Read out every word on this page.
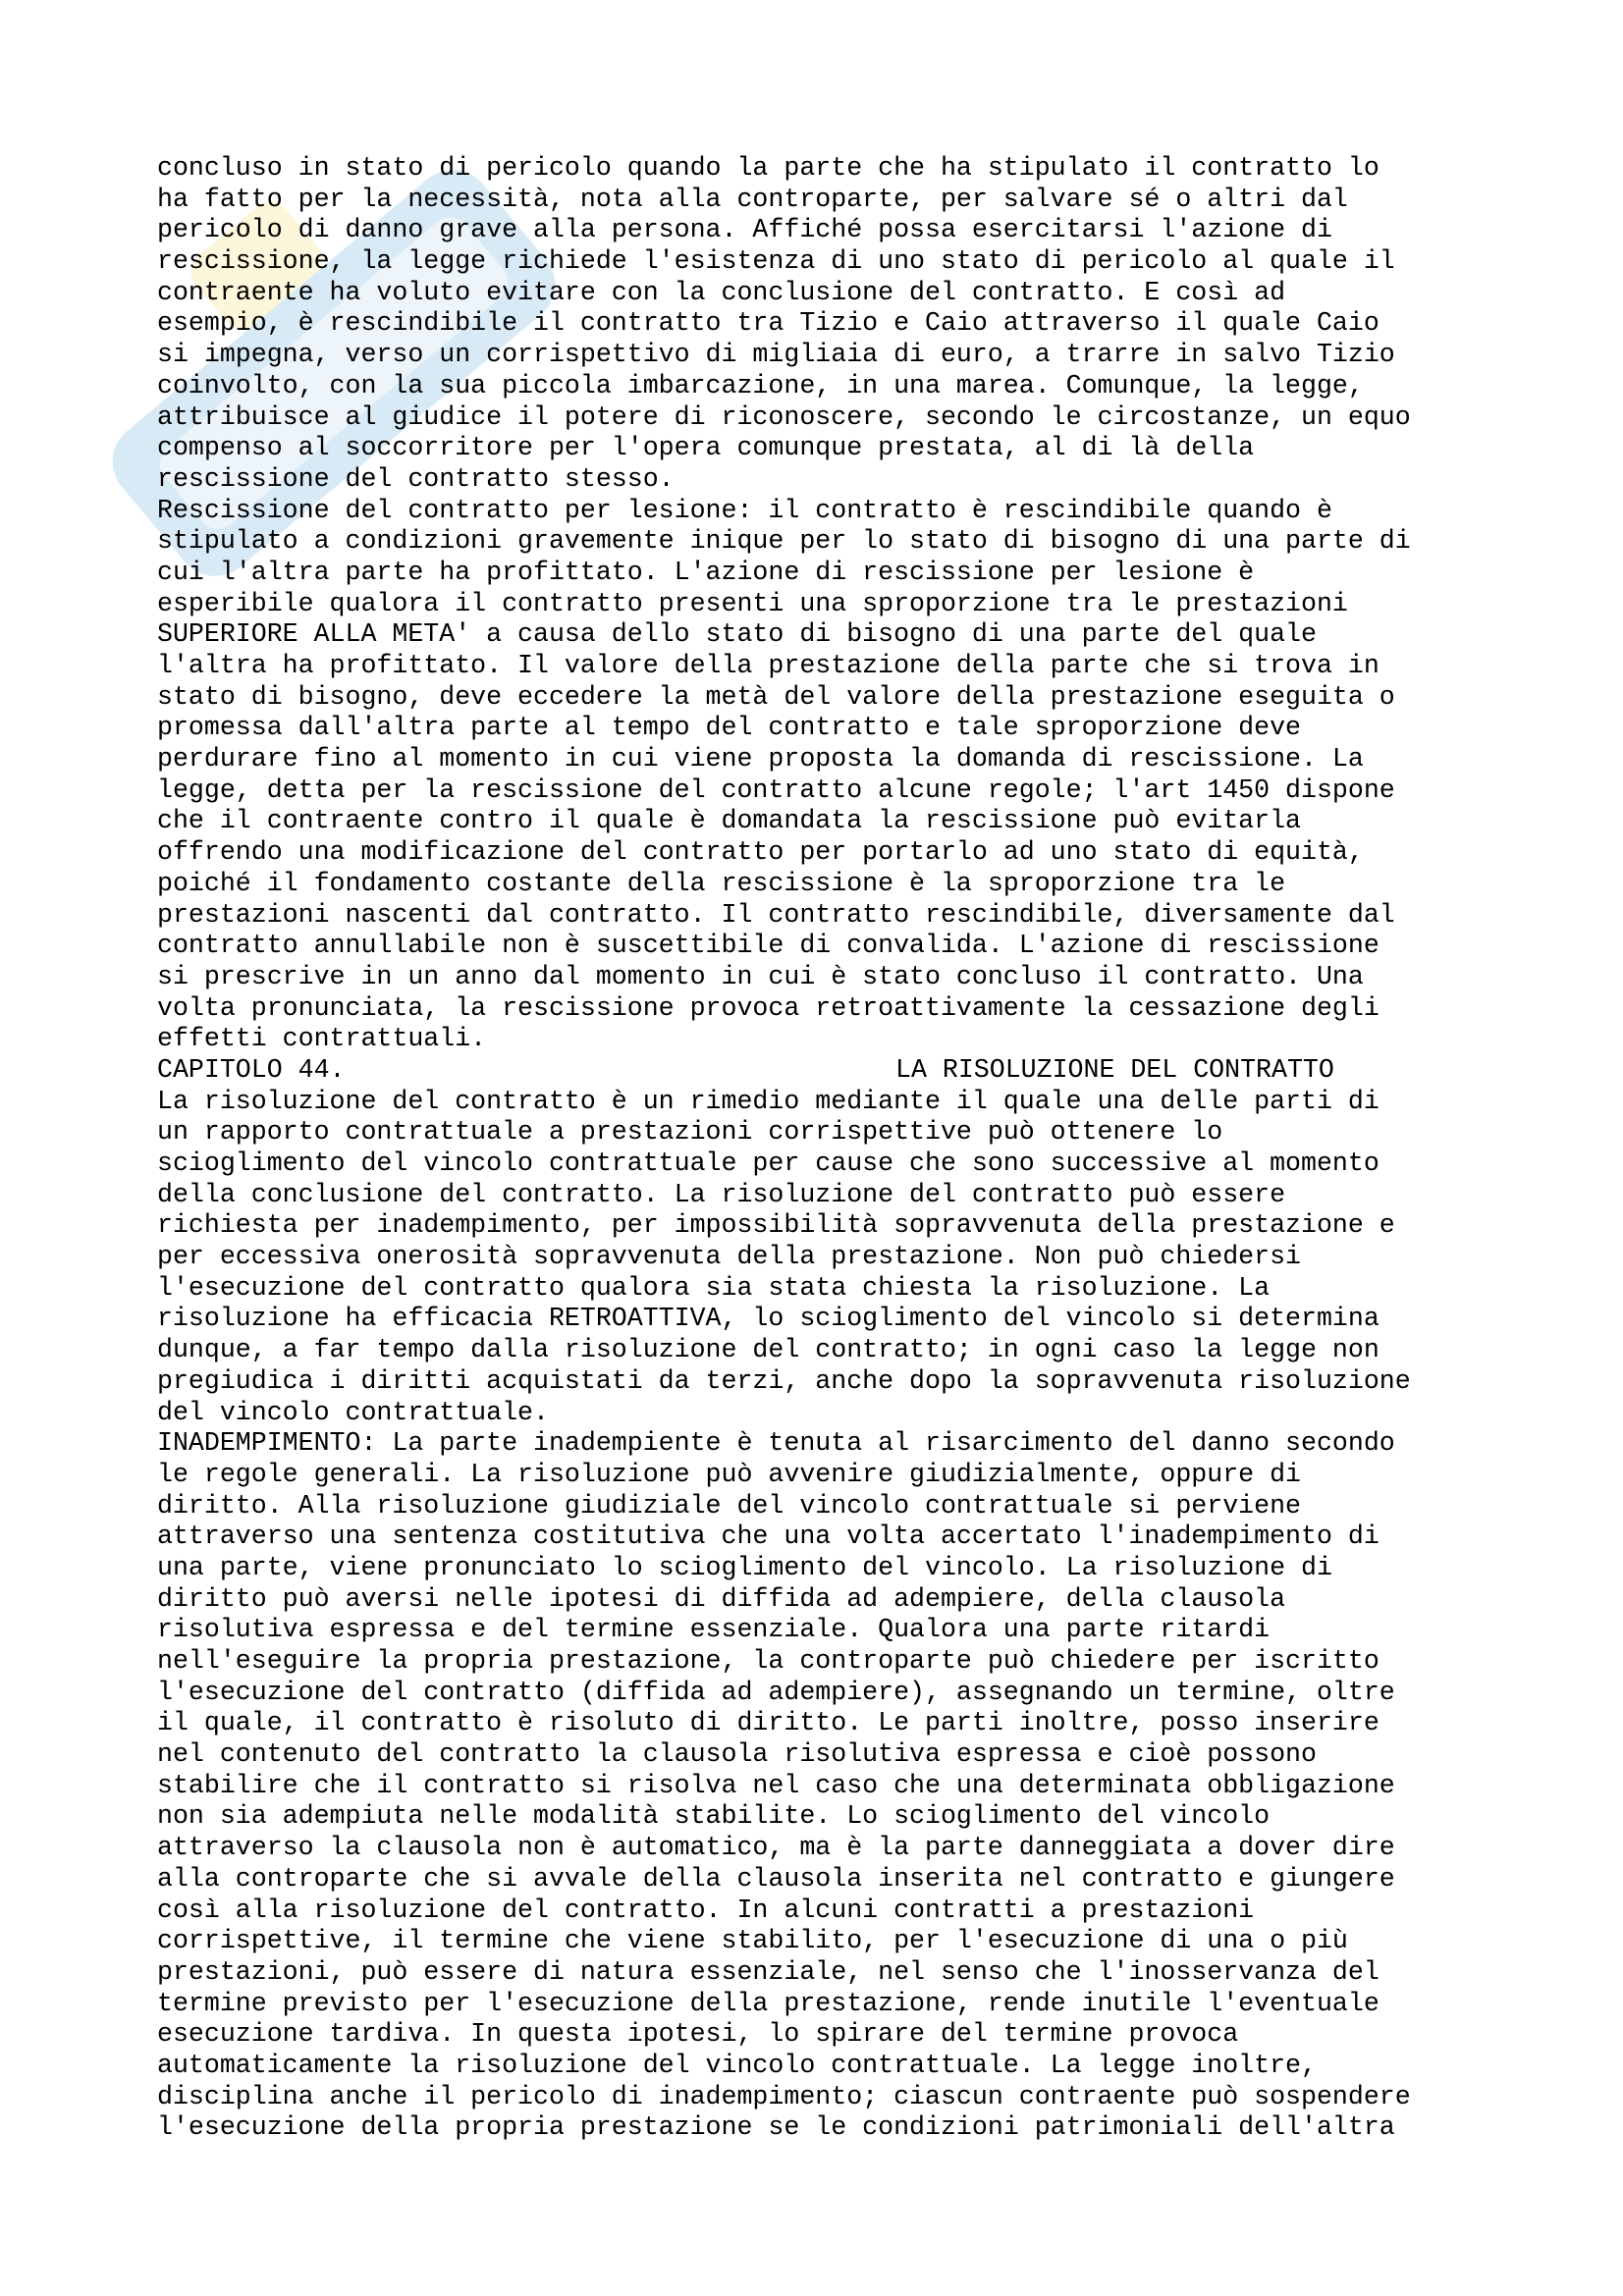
concluso in stato di pericolo quando la parte che ha stipulato il contratto lo
ha fatto per la necessità, nota alla controparte, per salvare sé o altri dal
pericolo di danno grave alla persona. Affiché possa esercitarsi l'azione di
rescissione, la legge richiede l'esistenza di uno stato di pericolo al quale il
contraente ha voluto evitare con la conclusione del contratto. E così ad
esempio, è rescindibile il contratto tra Tizio e Caio attraverso il quale Caio
si impegna, verso un corrispettivo di migliaia di euro, a trarre in salvo Tizio
coinvolto, con la sua piccola imbarcazione, in una marea. Comunque, la legge,
attribuisce al giudice il potere di riconoscere, secondo le circostanze, un equo
compenso al soccorritore per l'opera comunque prestata, al di là della
rescissione del contratto stesso.
Rescissione del contratto per lesione: il contratto è rescindibile quando è
stipulato a condizioni gravemente inique per lo stato di bisogno di una parte di
cui l'altra parte ha profittato. L'azione di rescissione per lesione è
esperibile qualora il contratto presenti una sproporzione tra le prestazioni
SUPERIORE ALLA META' a causa dello stato di bisogno di una parte del quale
l'altra ha profittato. Il valore della prestazione della parte che si trova in
stato di bisogno, deve eccedere la metà del valore della prestazione eseguita o
promessa dall'altra parte al tempo del contratto e tale sproporzione deve
perdurare fino al momento in cui viene proposta la domanda di rescissione. La
legge, detta per la rescissione del contratto alcune regole; l'art 1450 dispone
che il contraente contro il quale è domandata la rescissione può evitarla
offrendo una modificazione del contratto per portarlo ad uno stato di equità,
poiché il fondamento costante della rescissione è la sproporzione tra le
prestazioni nascenti dal contratto. Il contratto rescindibile, diversamente dal
contratto annullabile non è suscettibile di convalida. L'azione di rescissione
si prescrive in un anno dal momento in cui è stato concluso il contratto. Una
volta pronunciata, la rescissione provoca retroattivamente la cessazione degli
effetti contrattuali.
CAPITOLO 44.	LA RISOLUZIONE DEL CONTRATTO
La risoluzione del contratto è un rimedio mediante il quale una delle parti di
un rapporto contrattuale a prestazioni corrispettive può ottenere lo
scioglimento del vincolo contrattuale per cause che sono successive al momento
della conclusione del contratto. La risoluzione del contratto può essere
richiesta per inadempimento, per impossibilità sopravvenuta della prestazione e
per eccessiva onerosità sopravvenuta della prestazione. Non può chiedersi
l'esecuzione del contratto qualora sia stata chiesta la risoluzione. La
risoluzione ha efficacia RETROATTIVA, lo scioglimento del vincolo si determina
dunque, a far tempo dalla risoluzione del contratto; in ogni caso la legge non
pregiudica i diritti acquistati da terzi, anche dopo la sopravvenuta risoluzione
del vincolo contrattuale.
INADEMPIMENTO: La parte inadempiente è tenuta al risarcimento del danno secondo
le regole generali. La risoluzione può avvenire giudizialmente, oppure di
diritto. Alla risoluzione giudiziale del vincolo contrattuale si perviene
attraverso una sentenza costitutiva che una volta accertato l'inadempimento di
una parte, viene pronunciato lo scioglimento del vincolo. La risoluzione di
diritto può aversi nelle ipotesi di diffida ad adempiere, della clausola
risolutiva espressa e del termine essenziale. Qualora una parte ritardi
nell'eseguire la propria prestazione, la controparte può chiedere per iscritto
l'esecuzione del contratto (diffida ad adempiere), assegnando un termine, oltre
il quale, il contratto è risoluto di diritto. Le parti inoltre, posso inserire
nel contenuto del contratto la clausola risolutiva espressa e cioè possono
stabilire che il contratto si risolva nel caso che una determinata obbligazione
non sia adempiuta nelle modalità stabilite. Lo scioglimento del vincolo
attraverso la clausola non è automatico, ma è la parte danneggiata a dover dire
alla controparte che si avvale della clausola inserita nel contratto e giungere
così alla risoluzione del contratto. In alcuni contratti a prestazioni
corrispettive, il termine che viene stabilito, per l'esecuzione di una o più
prestazioni, può essere di natura essenziale, nel senso che l'inosservanza del
termine previsto per l'esecuzione della prestazione, rende inutile l'eventuale
esecuzione tardiva. In questa ipotesi, lo spirare del termine provoca
automaticamente la risoluzione del vincolo contrattuale. La legge inoltre,
disciplina anche il pericolo di inadempimento; ciascun contraente può sospendere
l'esecuzione della propria prestazione se le condizioni patrimoniali dell'altra
